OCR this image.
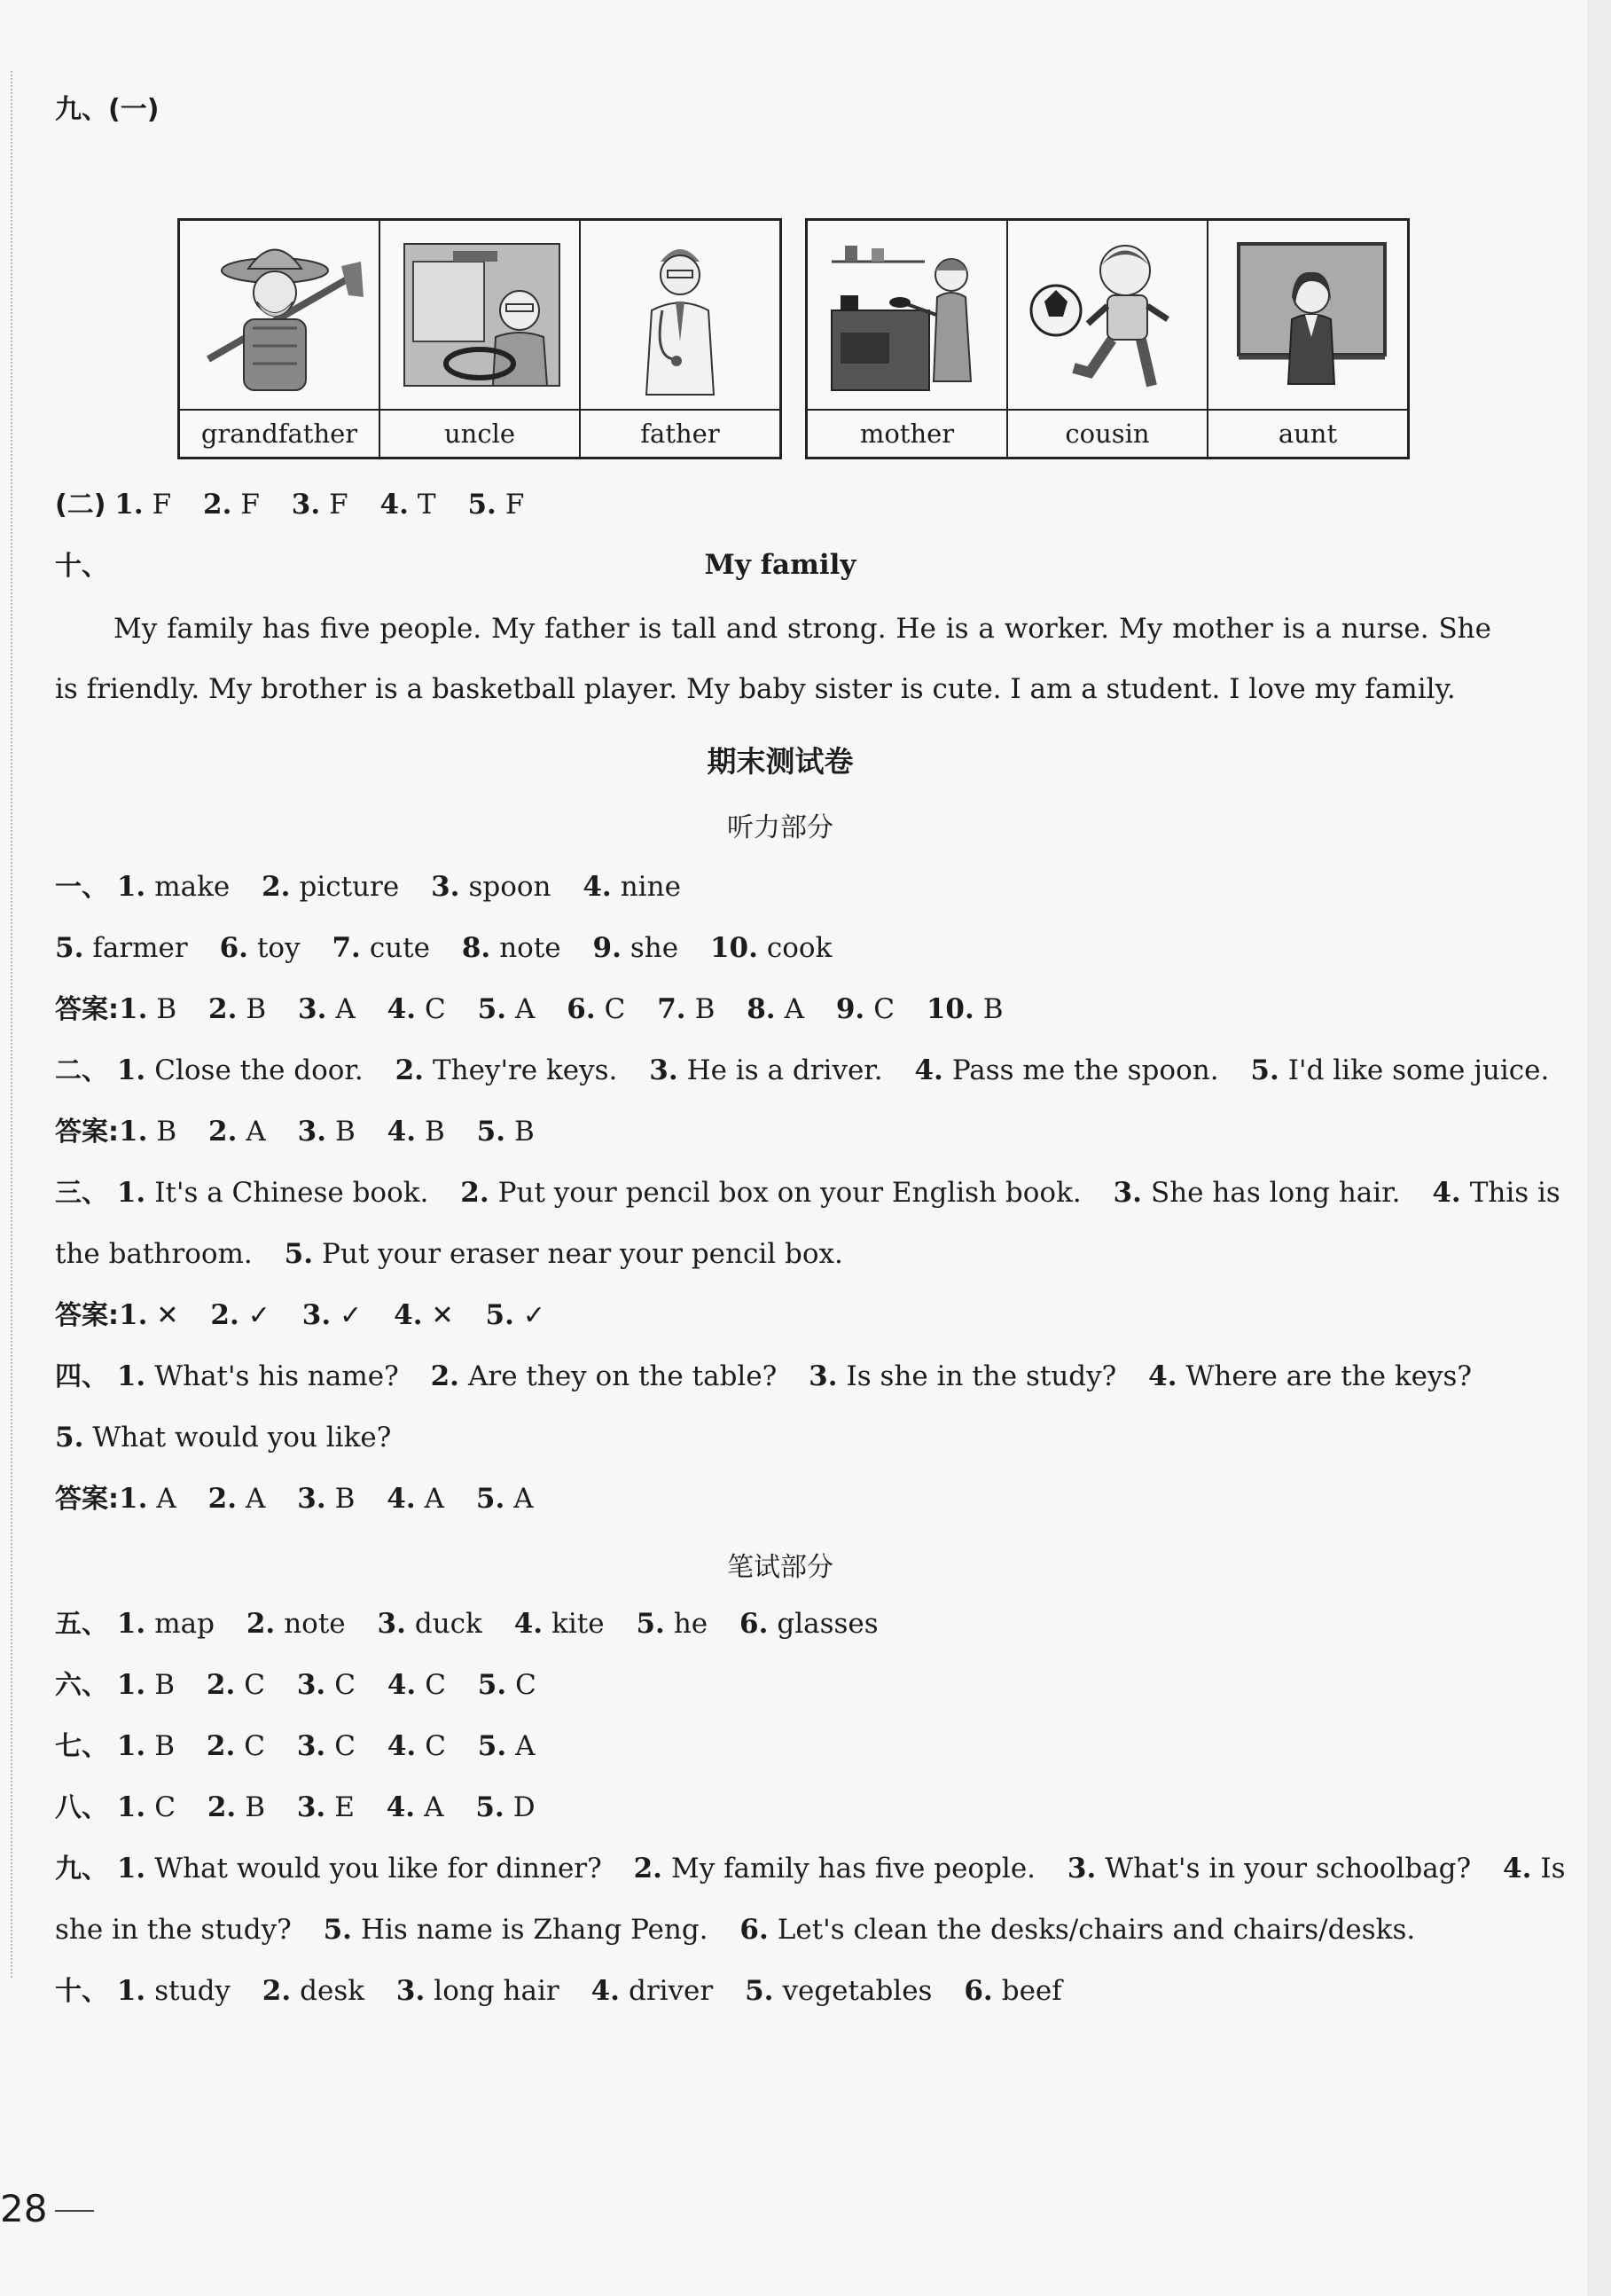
九、(一)
grandfather	uncle	father	mother	cousin	aunt
(二) 1. F 2. F 3. F 4. T 5. F
十、	My family
My family has five people. My father is tall and strong. He is a worker. My mother is a nurse. She is friendly. My brother is a basketball player. My baby sister is cute. I am a student. I love my family.
期末测试卷
听力部分
一、 1. make 2. picture 3. spoon 4. nine
5. farmer 6. toy 7. cute 8. note 9. she 10. cook
答案:1. B 2. B 3. A 4. C 5. A 6. C 7. B 8. A 9. C 10. B
二、 1. Close the door. 2. They're keys. 3. He is a driver. 4. Pass me the spoon. 5. I'd like some juice.
答案:1. B 2. A 3. B 4. B 5. B
三、 1. It's a Chinese book. 2. Put your pencil box on your English book. 3. She has long hair. 4. This is
the bathroom. 5. Put your eraser near your pencil box.
答案:1. ✕ 2. ✓ 3. ✓ 4. ✕ 5. ✓
四、 1. What's his name? 2. Are they on the table? 3. Is she in the study? 4. Where are the keys?
5. What would you like?
答案:1. A 2. A 3. B 4. A 5. A
笔试部分
五、 1. map 2. note 3. duck 4. kite 5. he 6. glasses
六、 1. B 2. C 3. C 4. C 5. C
七、 1. B 2. C 3. C 4. C 5. A
八、 1. C 2. B 3. E 4. A 5. D
九、 1. What would you like for dinner? 2. My family has five people. 3. What's in your schoolbag? 4. Is
she in the study? 5. His name is Zhang Peng. 6. Let's clean the desks/chairs and chairs/desks.
十、 1. study 2. desk 3. long hair 4. driver 5. vegetables 6. beef
28
